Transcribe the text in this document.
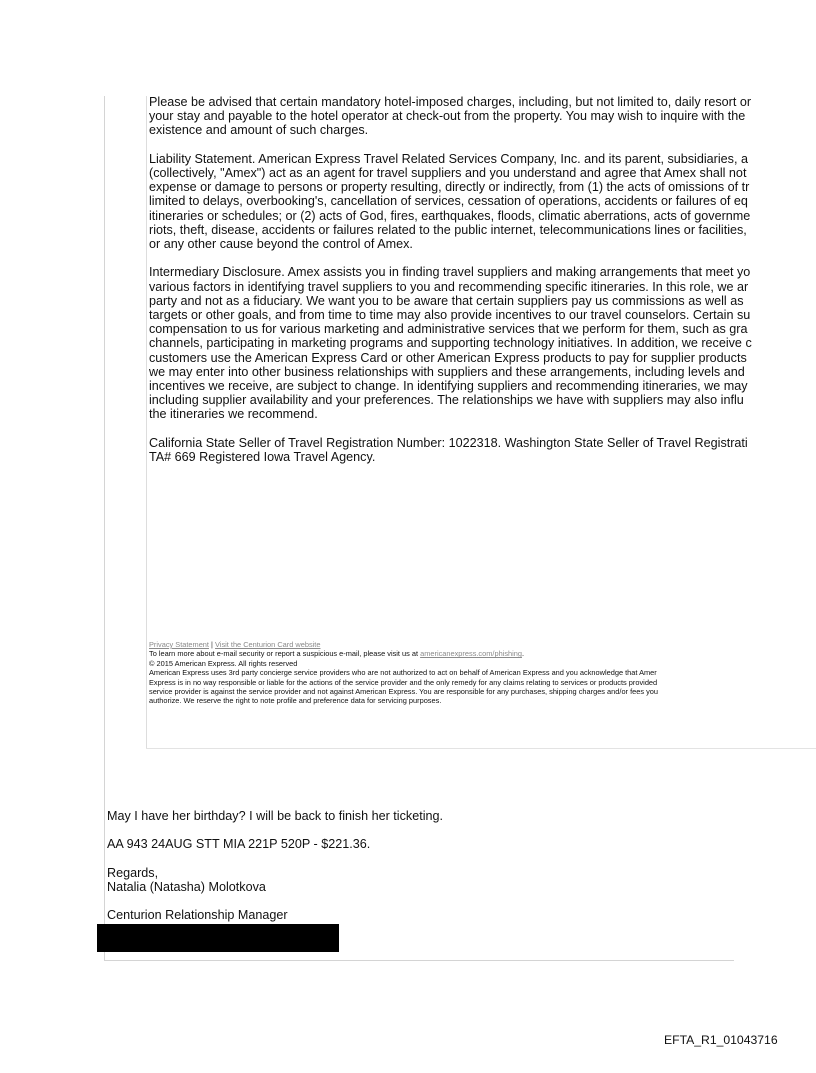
Please be advised that certain mandatory hotel-imposed charges, including, but not limited to, daily resort or
your stay and payable to the hotel operator at check-out from the property. You may wish to inquire with the
existence and amount of such charges.

Liability Statement. American Express Travel Related Services Company, Inc. and its parent, subsidiaries, a
(collectively, "Amex") act as an agent for travel suppliers and you understand and agree that Amex shall not
expense or damage to persons or property resulting, directly or indirectly, from (1) the acts of omissions of tr
limited to delays, overbooking's, cancellation of services, cessation of operations, accidents or failures of eq
itineraries or schedules; or (2) acts of God, fires, earthquakes, floods, climatic aberrations, acts of governme
riots, theft, disease, accidents or failures related to the public internet, telecommunications lines or facilities,
or any other cause beyond the control of Amex.

Intermediary Disclosure. Amex assists you in finding travel suppliers and making arrangements that meet yo
various factors in identifying travel suppliers to you and recommending specific itineraries. In this role, we ar
party and not as a fiduciary. We want you to be aware that certain suppliers pay us commissions as well as
targets or other goals, and from time to time may also provide incentives to our travel counselors. Certain su
compensation to us for various marketing and administrative services that we perform for them, such as gra
channels, participating in marketing programs and supporting technology initiatives. In addition, we receive c
customers use the American Express Card or other American Express products to pay for supplier products
we may enter into other business relationships with suppliers and these arrangements, including levels and
incentives we receive, are subject to change. In identifying suppliers and recommending itineraries, we may
including supplier availability and your preferences. The relationships we have with suppliers may also influ
the itineraries we recommend.

California State Seller of Travel Registration Number: 1022318. Washington State Seller of Travel Registrati
TA# 669 Registered Iowa Travel Agency.

Privacy Statement | Visit the Centurion Card website
To learn more about e-mail security or report a suspicious e-mail, please visit us at americanexpress.com/phishing.
© 2015 American Express. All rights reserved
American Express uses 3rd party concierge service providers who are not authorized to act on behalf of American Express and you acknowledge that Amer
Express is in no way responsible or liable for the actions of the service provider and the only remedy for any claims relating to services or products provided
service provider is against the service provider and not against American Express. You are responsible for any purchases, shipping charges and/or fees you
authorize. We reserve the right to note profile and preference data for servicing purposes.

May I have her birthday? I will be back to finish her ticketing.

AA 943 24AUG STT MIA 221P 520P - $221.36.

Regards,
Natalia (Natasha) Molotkova

Centurion Relationship Manager

EFTA_R1_01043716
